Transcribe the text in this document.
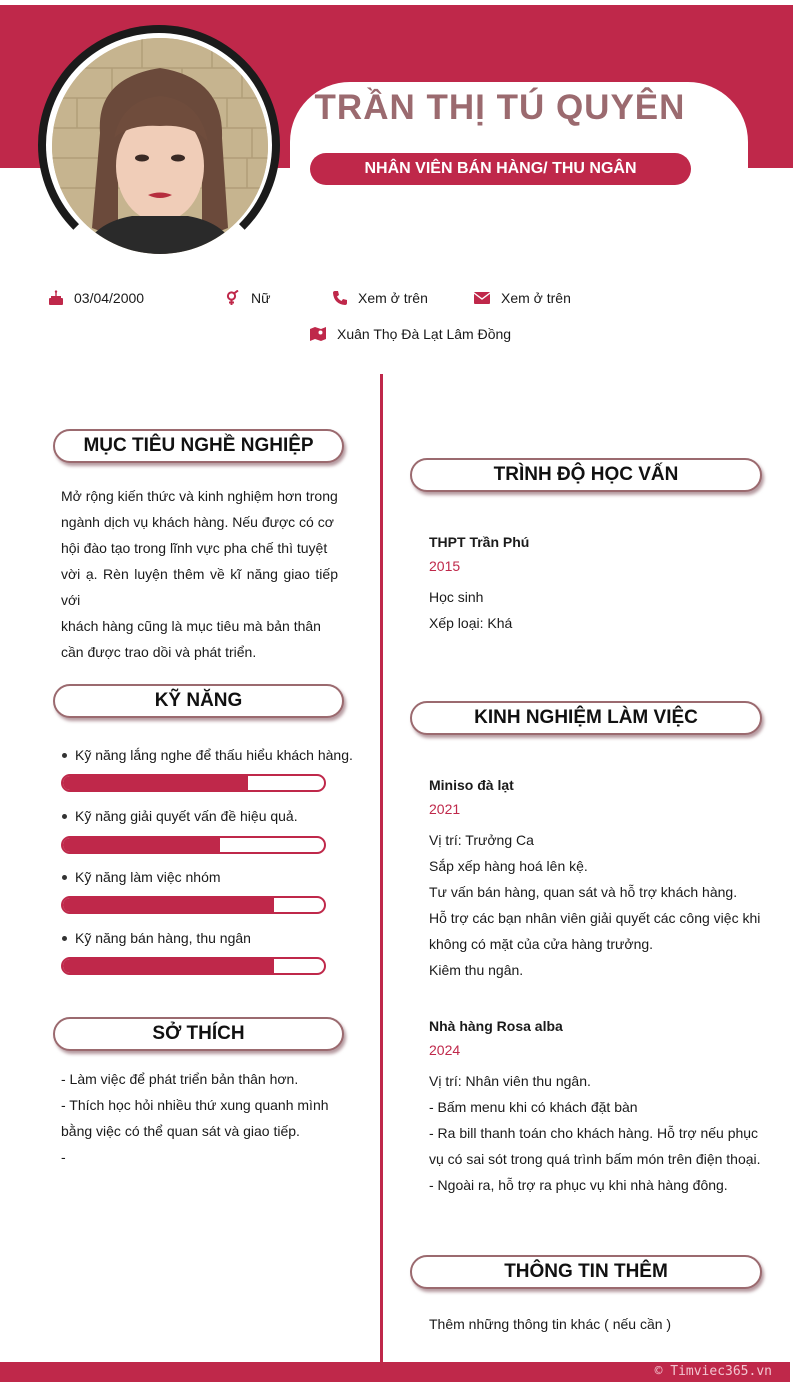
TRẦN THỊ TÚ QUYÊN
NHÂN VIÊN BÁN HÀNG/ THU NGÂN
03/04/2000	Nữ	Xem ở trên	Xem ở trên
Xuân Thọ Đà Lạt Lâm Đồng
MỤC TIÊU NGHỀ NGHIỆP
Mở rộng kiến thức và kinh nghiệm hơn trong
ngành dịch vụ khách hàng. Nếu được có cơ
hội đào tạo trong lĩnh vực pha chế thì tuyệt
vời ạ. Rèn luyện thêm về kĩ năng giao tiếp với
khách hàng cũng là mục tiêu mà bản thân
cần được trao dồi và phát triển.
KỸ NĂNG
Kỹ năng lắng nghe để thấu hiểu khách hàng.
Kỹ năng giải quyết vấn đề hiệu quả.
Kỹ năng làm việc nhóm
Kỹ năng bán hàng, thu ngân
SỞ THÍCH
- Làm việc để phát triển bản thân hơn.
- Thích học hỏi nhiều thứ xung quanh mình
bằng việc có thể quan sát và giao tiếp.
-
TRÌNH ĐỘ HỌC VẤN
THPT Trần Phú
2015
Học sinh
Xếp loại: Khá
KINH NGHIỆM LÀM VIỆC
Miniso đà lạt
2021
Vị trí: Trưởng Ca
Sắp xếp hàng hoá lên kệ.
Tư vấn bán hàng, quan sát và hỗ trợ khách hàng.
Hỗ trợ các bạn nhân viên giải quyết các công việc khi
không có mặt của cửa hàng trưởng.
Kiêm thu ngân.
Nhà hàng Rosa alba
2024
Vị trí: Nhân viên thu ngân.
- Bấm menu khi có khách đặt bàn
- Ra bill thanh toán cho khách hàng. Hỗ trợ nếu phục
vụ có sai sót trong quá trình bấm món trên điện thoại.
- Ngoài ra, hỗ trợ ra phục vụ khi nhà hàng đông.
THÔNG TIN THÊM
Thêm những thông tin khác ( nếu cần )
© Timviec365.vn
